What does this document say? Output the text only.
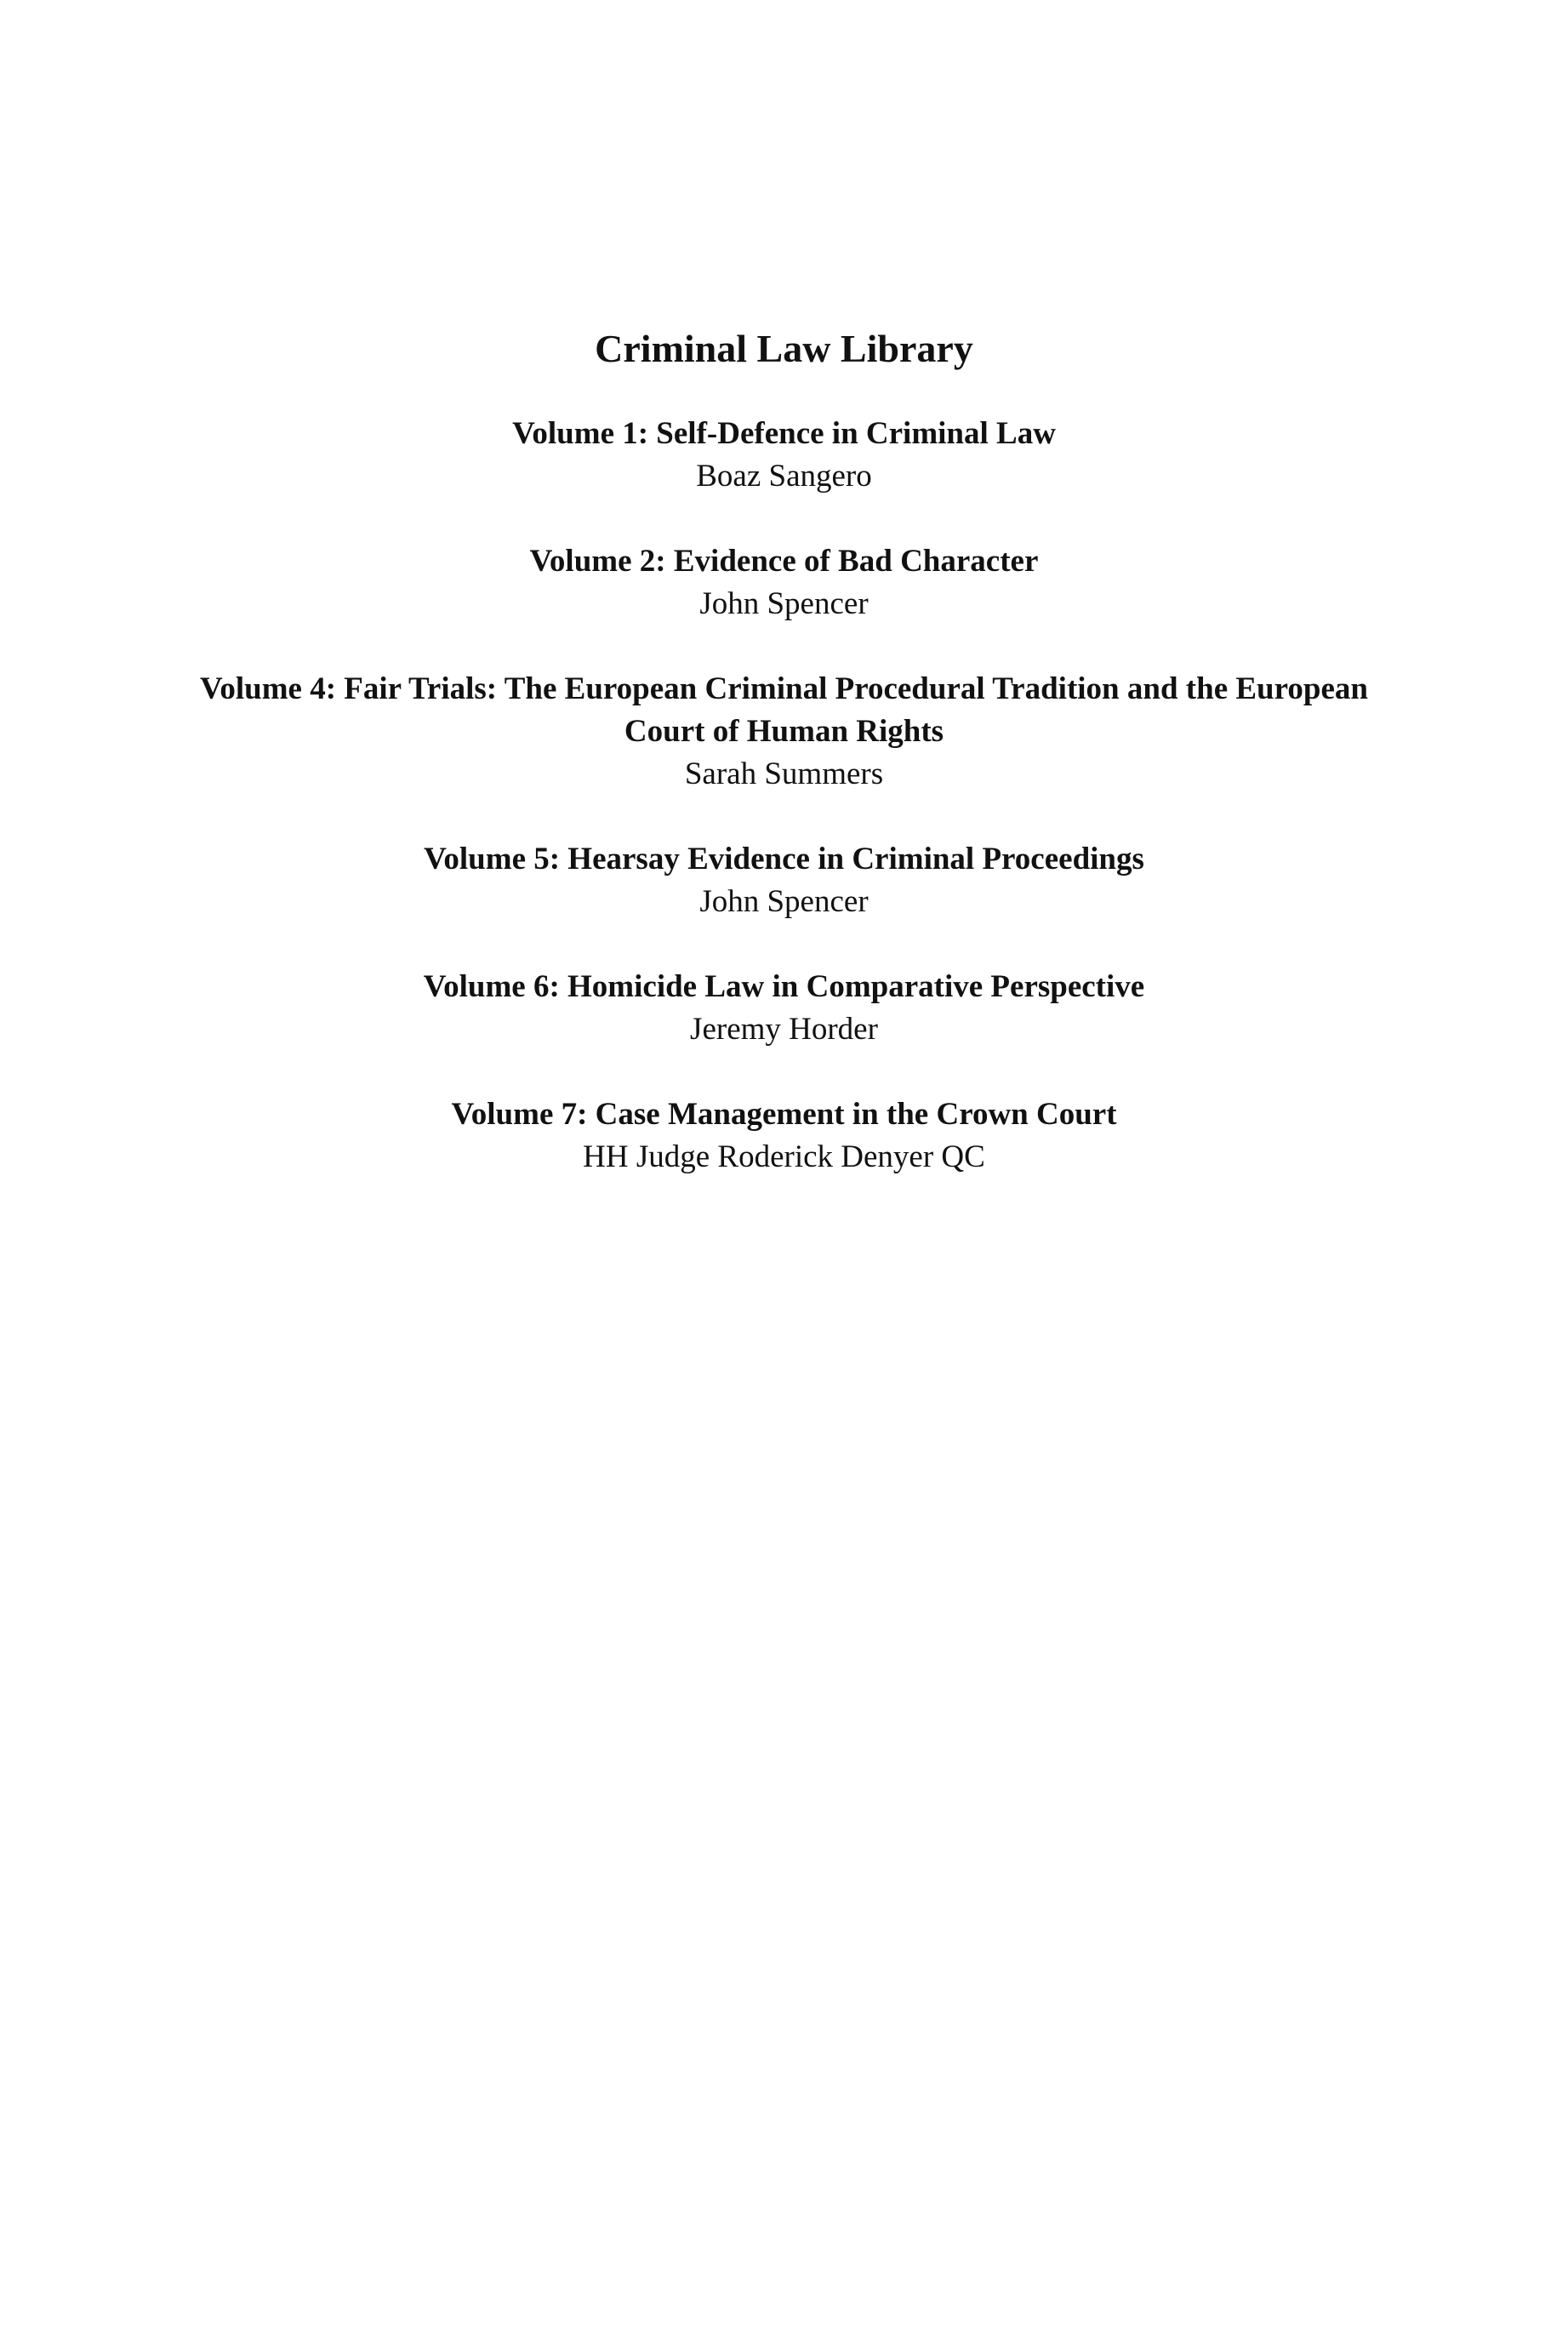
Criminal Law Library
Volume 1: Self-Defence in Criminal Law
Boaz Sangero
Volume 2: Evidence of Bad Character
John Spencer
Volume 4: Fair Trials: The European Criminal Procedural Tradition and the European Court of Human Rights
Sarah Summers
Volume 5: Hearsay Evidence in Criminal Proceedings
John Spencer
Volume 6: Homicide Law in Comparative Perspective
Jeremy Horder
Volume 7: Case Management in the Crown Court
HH Judge Roderick Denyer QC
